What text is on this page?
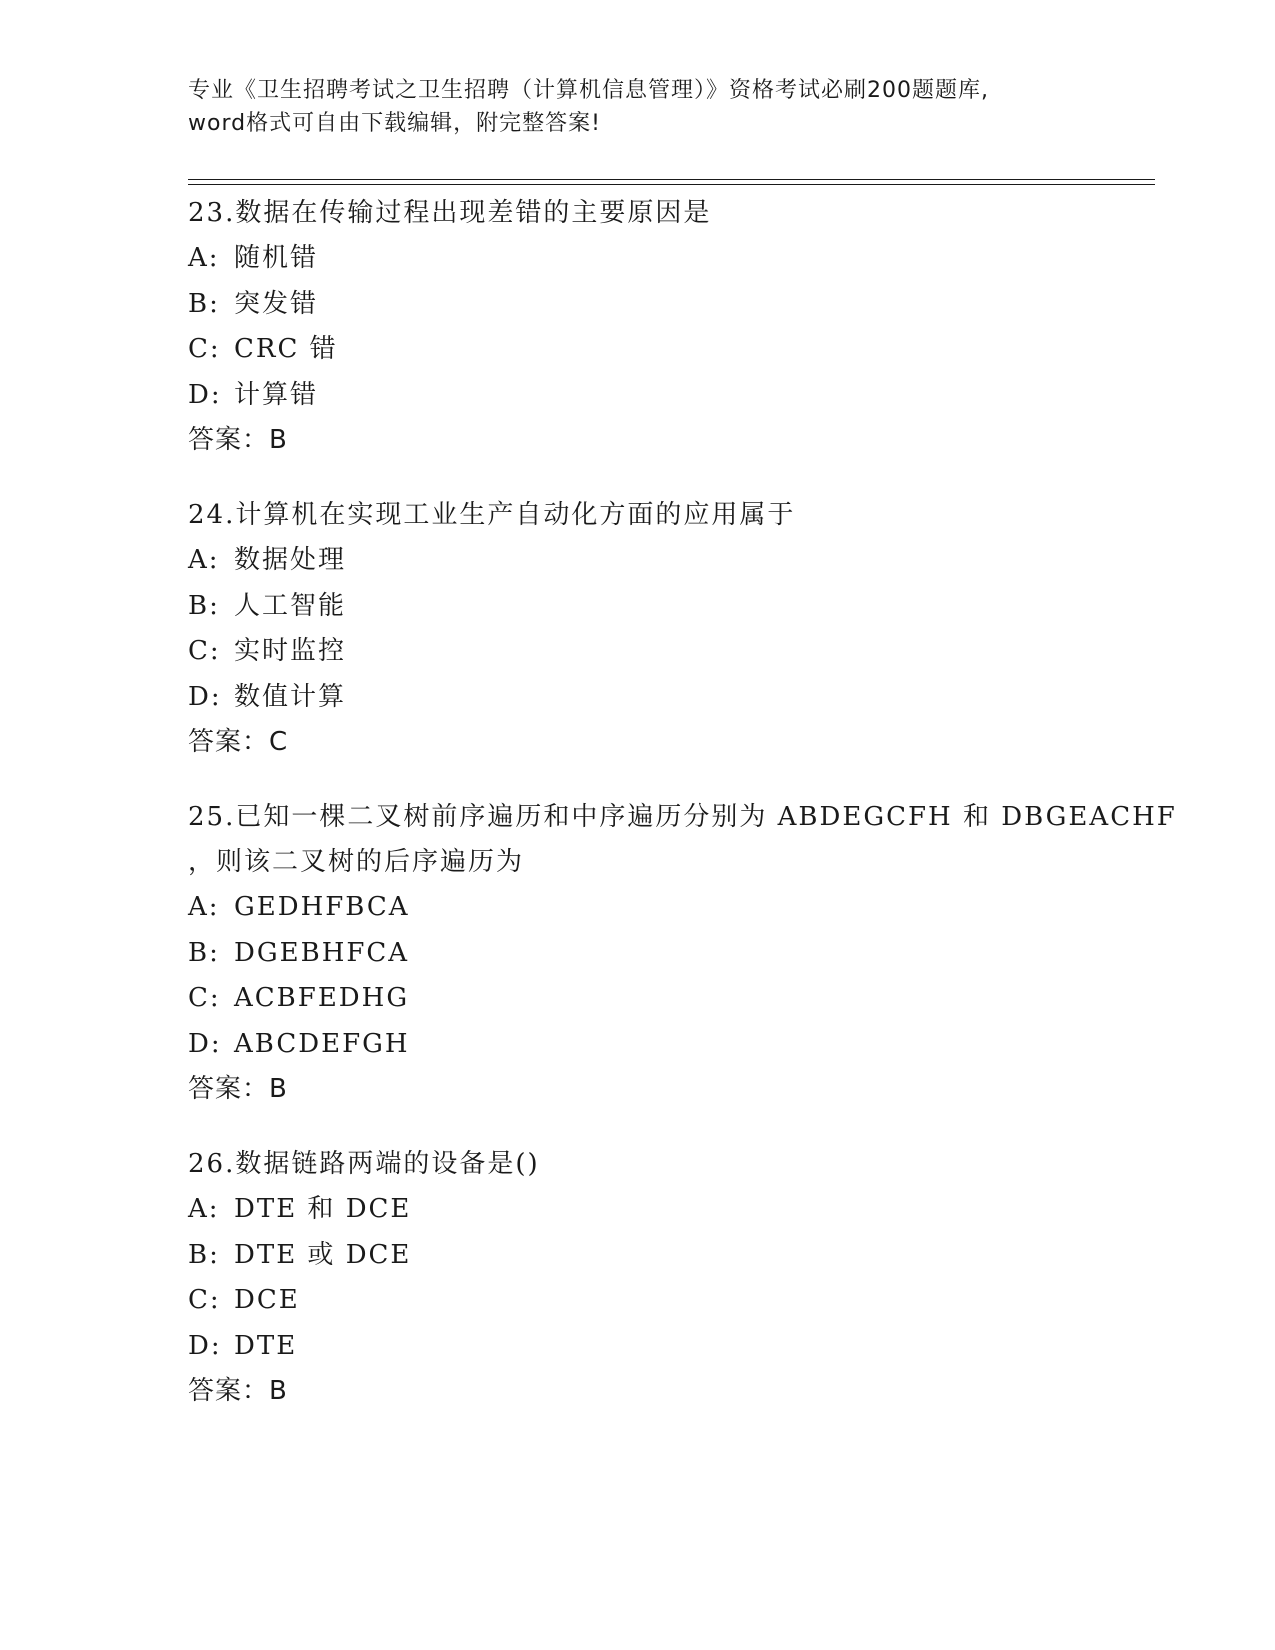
专业《卫生招聘考试之卫生招聘（计算机信息管理）》资格考试必刷200题题库,
word格式可自由下载编辑，附完整答案!
23.数据在传输过程出现差错的主要原因是
A: 随机错
B: 突发错
C: CRC 错
D: 计算错
答案：B
24.计算机在实现工业生产自动化方面的应用属于
A: 数据处理
B: 人工智能
C: 实时监控
D: 数值计算
答案：C
25.已知一棵二叉树前序遍历和中序遍历分别为 ABDEGCFH 和 DBGEACHF
，则该二叉树的后序遍历为
A: GEDHFBCA
B: DGEBHFCA
C: ACBFEDHG
D: ABCDEFGH
答案：B
26.数据链路两端的设备是()
A: DTE 和 DCE
B: DTE 或 DCE
C: DCE
D: DTE
答案：B
